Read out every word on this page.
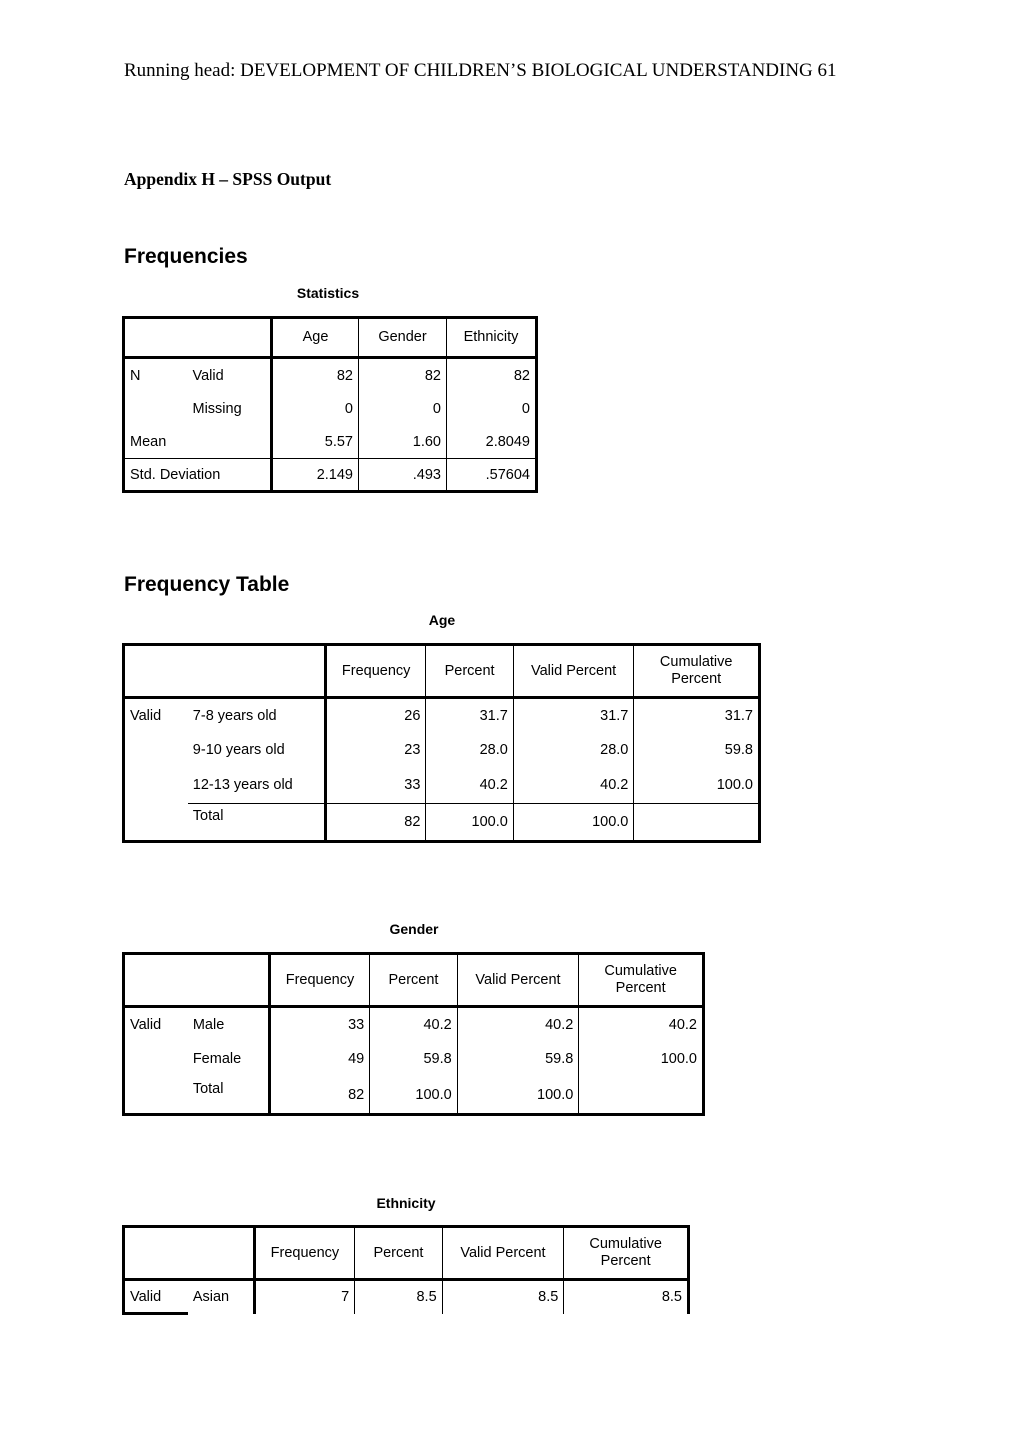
Running head: DEVELOPMENT OF CHILDREN’S BIOLOGICAL UNDERSTANDING 61
Appendix H – SPSS Output
Frequencies
Statistics
		Age	Gender	Ethnicity
N	Valid	82	82	82
	Missing	0	0	0
Mean		5.57	1.60	2.8049
Std. Deviation		2.149	.493	.57604
Frequency Table
Age
		Frequency	Percent	Valid Percent	Cumulative
Percent

Valid	7-8 years old	26	31.7	31.7	31.7
	9-10 years old	23	28.0	28.0	59.8
	12-13 years old	33	40.2	40.2	100.0
	Total	82	100.0	100.0	
Gender
		Frequency	Percent	Valid Percent	Cumulative
Percent

Valid	Male	33	40.2	40.2	40.2
	Female	49	59.8	59.8	100.0
	Total	82	100.0	100.0	
Ethnicity
		Frequency	Percent	Valid Percent	Cumulative
Percent

Valid	Asian	7	8.5	8.5	8.5
